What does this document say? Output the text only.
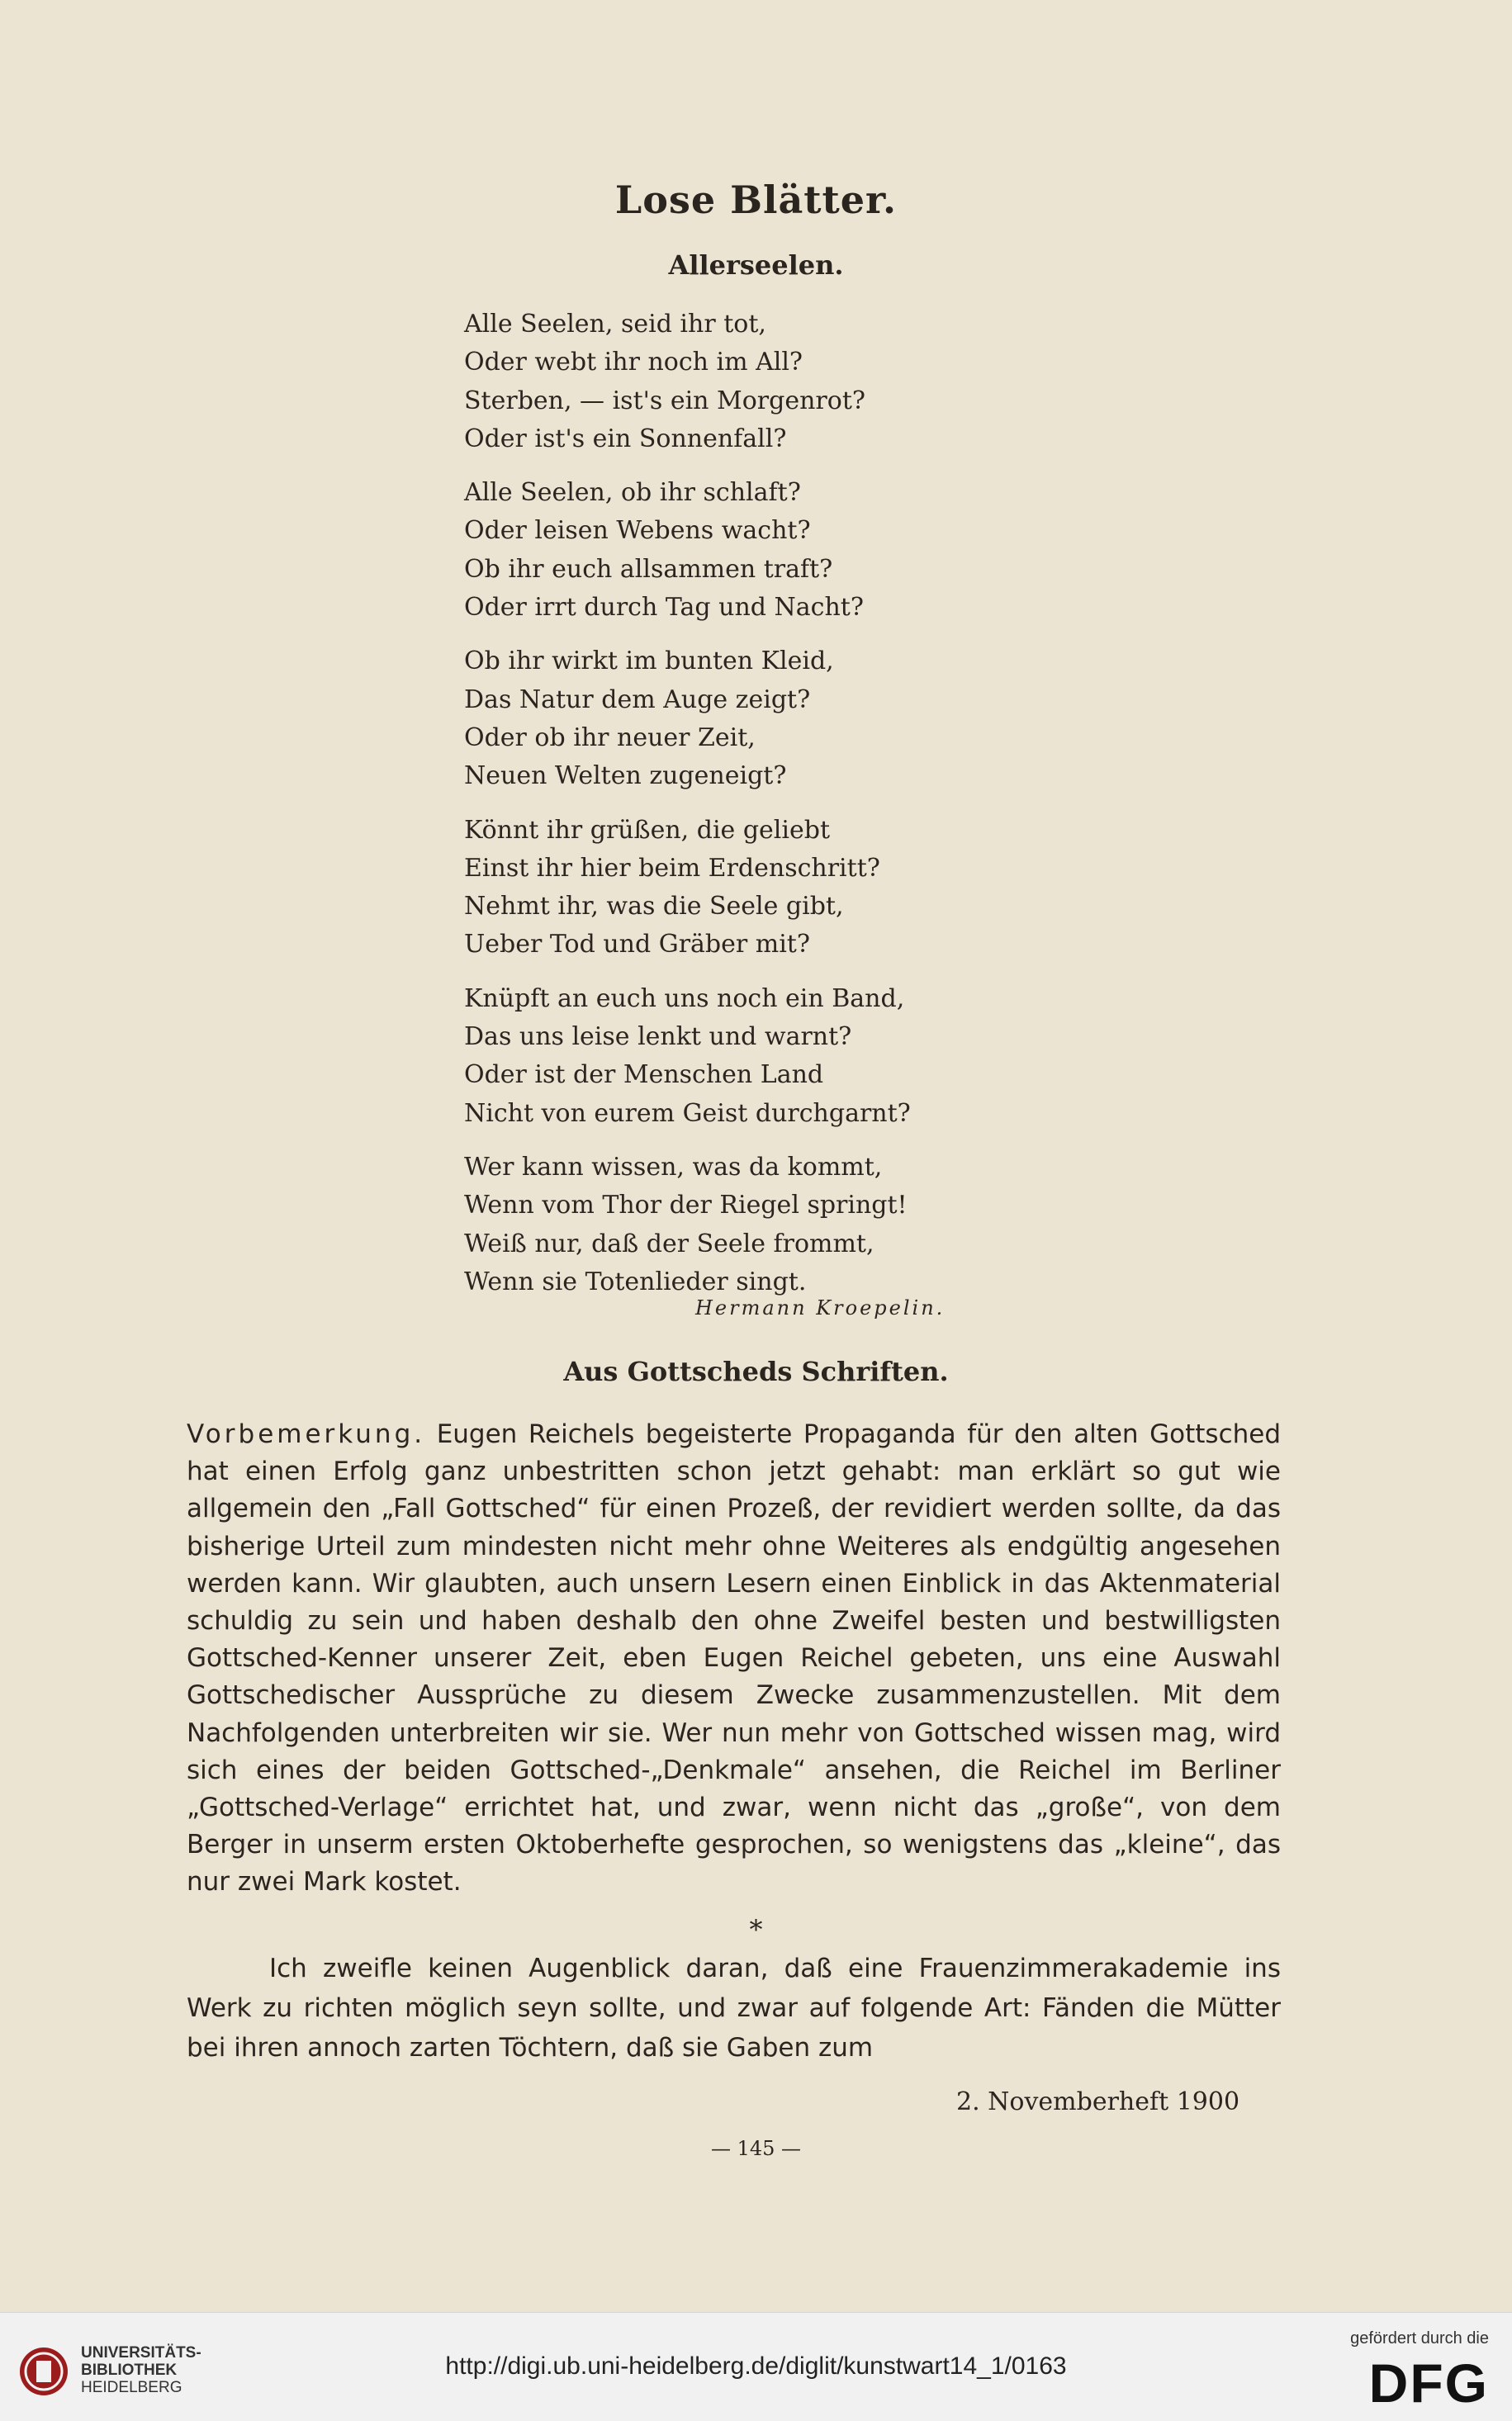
Lose Blätter.
Allerseelen.
Alle Seelen, seid ihr tot,
Oder webt ihr noch im All?
Sterben, — ist's ein Morgenrot?
Oder ist's ein Sonnenfall?
Alle Seelen, ob ihr schlaft?
Oder leisen Webens wacht?
Ob ihr euch allsammen traft?
Oder irrt durch Tag und Nacht?
Ob ihr wirkt im bunten Kleid,
Das Natur dem Auge zeigt?
Oder ob ihr neuer Zeit,
Neuen Welten zugeneigt?
Könnt ihr grüßen, die geliebt
Einst ihr hier beim Erdenschritt?
Nehmt ihr, was die Seele gibt,
Ueber Tod und Gräber mit?
Knüpft an euch uns noch ein Band,
Das uns leise lenkt und warnt?
Oder ist der Menschen Land
Nicht von eurem Geist durchgarnt?
Wer kann wissen, was da kommt,
Wenn vom Thor der Riegel springt!
Weiß nur, daß der Seele frommt,
Wenn sie Totenlieder singt.
Hermann Kroepelin.
Aus Gottscheds Schriften.

Vorbemerkung. Eugen Reichels begeisterte Propaganda für den alten Gottsched hat einen Erfolg ganz unbestritten schon jetzt gehabt: man erklärt so gut wie allgemein den „Fall Gottsched“ für einen Prozeß, der revidiert werden sollte, da das bisherige Urteil zum mindesten nicht mehr ohne Weiteres als endgültig angesehen werden kann. Wir glaubten, auch unsern Lesern einen Einblick in das Aktenmaterial schuldig zu sein und haben deshalb den ohne Zweifel besten und bestwilligsten Gottsched-Kenner unserer Zeit, eben Eugen Reichel gebeten, uns eine Auswahl Gottschedischer Aussprüche zu diesem Zwecke zusammenzustellen. Mit dem Nachfolgenden unterbreiten wir sie. Wer nun mehr von Gottsched wissen mag, wird sich eines der beiden Gottsched-„Denkmale“ ansehen, die Reichel im Berliner „Gottsched-Verlage“ errichtet hat, und zwar, wenn nicht das „große“, von dem Berger in unserm ersten Oktoberhefte gesprochen, so wenigstens das „kleine“, das nur zwei Mark kostet.

*

Ich zweifle keinen Augenblick daran, daß eine Frauenzimmerakademie ins Werk zu richten möglich seyn sollte, und zwar auf folgende Art: Fänden die Mütter bei ihren annoch zarten Töchtern, daß sie Gaben zum

2. Novemberheft 1900
— 145 —
UNIVERSITÄTS-
BIBLIOTHEK
HEIDELBERG
http://digi.ub.uni-heidelberg.de/diglit/kunstwart14_1/0163
gefördert durch die
DFG
